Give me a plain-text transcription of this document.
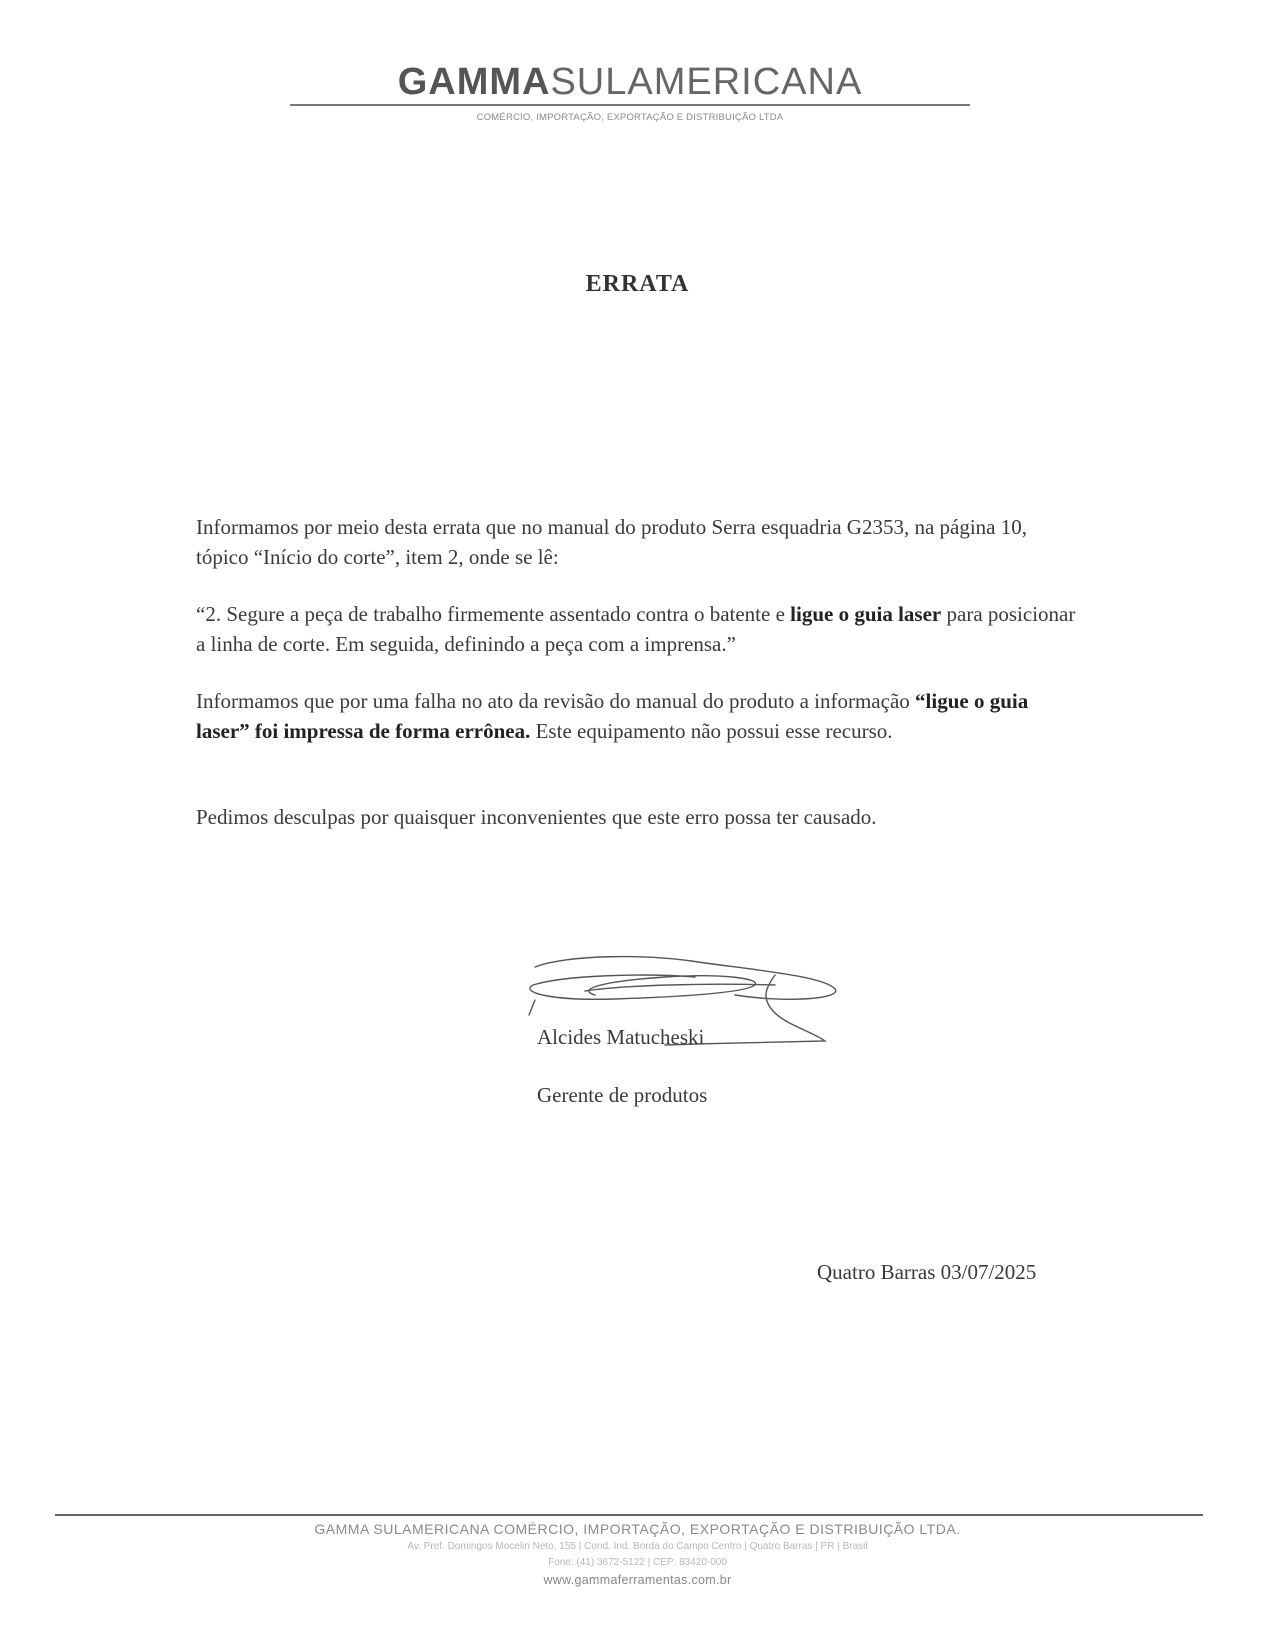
GAMMASULAMERICANA
COMÉRCIO, IMPORTAÇÃO, EXPORTAÇÃO E DISTRIBUIÇÃO LTDA
ERRATA

Informamos por meio desta errata que no manual do produto Serra esquadria G2353, na página 10, tópico “Início do corte”, item 2, onde se lê:

“2. Segure a peça de trabalho firmemente assentado contra o batente e ligue o guia laser para posicionar a linha de corte. Em seguida, definindo a peça com a imprensa.”

Informamos que por uma falha no ato da revisão do manual do produto a informação “ligue o guia laser” foi impressa de forma errônea. Este equipamento não possui esse recurso.

Pedimos desculpas por quaisquer inconvenientes que este erro possa ter causado.

Alcides Matucheski
Gerente de produtos
Quatro Barras 03/07/2025
GAMMA SULAMERICANA COMÉRCIO, IMPORTAÇÃO, EXPORTAÇÃO E DISTRIBUIÇÃO LTDA.
Av. Pref. Domingos Mocelin Neto, 155 | Cond. Ind. Borda do Campo Centro | Quatro Barras | PR | Brasil
Fone: (41) 3672-5122 | CEP: 83420-000
www.gammaferramentas.com.br
